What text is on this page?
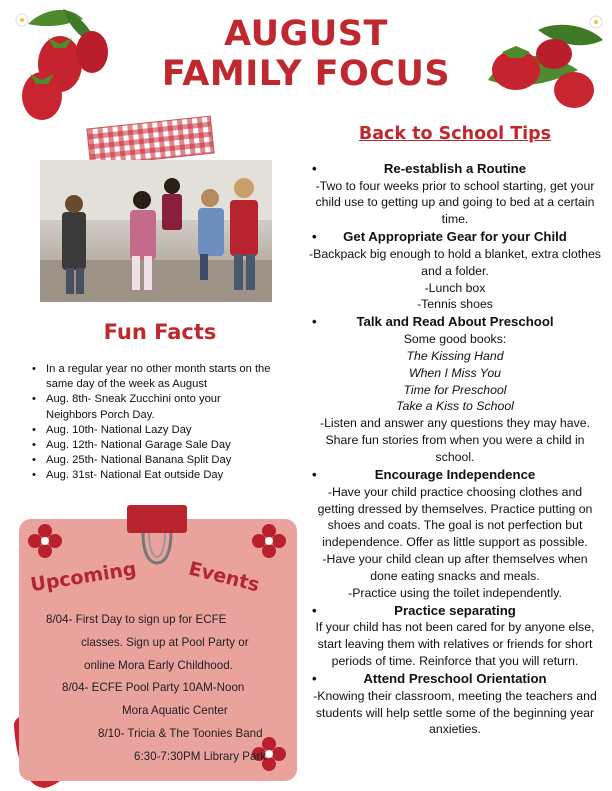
AUGUST
FAMILY FOCUS
Fun Facts
• In a regular year no other month starts on the same day of the week as August
• Aug. 8th- Sneak Zucchini onto your Neighbors Porch Day.
• Aug. 10th- National Lazy Day
• Aug. 12th- National Garage Sale Day
• Aug. 25th- National Banana Split Day
• Aug. 31st- National Eat outside Day
Upcoming	Events
8/04- First Day to sign up for ECFE
classes. Sign up at Pool Party or
online Mora Early Childhood.
8/04- ECFE Pool Party 10AM-Noon
Mora Aquatic Center
8/10- Tricia & The Toonies Band
6:30-7:30PM Library Park
Back to School Tips
•	Re-establish a Routine
-Two to four weeks prior to school starting, get your child use to getting up and going to bed at a certain time.
• Get Appropriate Gear for your Child
-Backpack big enough to hold a blanket, extra clothes and a folder.
-Lunch box
-Tennis shoes
•	Talk and Read About Preschool
Some good books:
The Kissing Hand
When I Miss You
Time for Preschool
Take a Kiss to School
-Listen and answer any questions they may have. Share fun stories from when you were a child in school.
•	Encourage Independence
-Have your child practice choosing clothes and getting dressed by themselves. Practice putting on shoes and coats. The goal is not perfection but independence. Offer as little support as possible.
-Have your child clean up after themselves when done eating snacks and meals.
-Practice using the toilet independently.
•	Practice separating
If your child has not been cared for by anyone else, start leaving them with relatives or friends for short periods of time. Reinforce that you will return.
•	Attend Preschool Orientation
-Knowing their classroom, meeting the teachers and students will help settle some of the beginning year anxieties.
